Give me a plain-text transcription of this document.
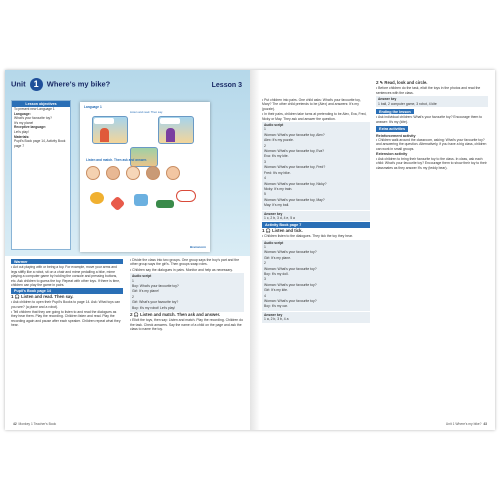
Unit 1 Where's my bike?	Lesson 3
Lesson objectives
To present new Language 1
Language:
What's your favourite toy?
It's my plane!
Receptive language:
Let's play!
Materials:
Pupil's Book page 14, Activity Book page 7
Language 1
Listen and read. Then say.
Listen and match. Then ask and answer.
Brainstorm
Warmer

• Act out playing with or being a toy. For example, move your arms and legs stiffly like a robot, sit on a chair and mime pedalling a bike, mime playing a computer game by holding the console and pressing buttons, etc. Ask children to guess the toy. Repeat with other toys. If there is time, children can play the game in pairs.

Pupil's Book page 14
1 🎧 Listen and read. Then say.

• Ask children to open their Pupil's Books to page 14. Ask: What toys can you see? (a plane and a robot).

• Tell children that they are going to listen to and read the dialogues as they hear them. Play the recording. Children listen and read. Play the recording again and pause after each speaker. Children repeat what they hear.

• Divide the class into two groups. One group says the boy's part and the other group says the girl's. Then groups swap roles.

• Children say the dialogues in pairs. Monitor and help as necessary.

Audio script

1

Boy: What's your favourite toy?

Girl: It's my plane!

2

Girl: What's your favourite toy?

Boy: It's my robot! Let's play!

2 🎧 Listen and match. Then ask and answer.

• Elicit the toys, then say: Listen and match. Play the recording. Children do the task. Check answers. Say the name of a child on the page and ask the class to name the toy.

42 Monkey 1 Teacher's Book

• Put children into pairs. One child asks: What's your favourite toy, Mary? The other child pretends to be (Alex) and answers: It's my (puzzle).

• In their pairs, children take turns at pretending to be Alex, Eva, Fred, Nicky or May. They ask and answer the question.

Audio script

1

Woman: What's your favourite toy, Alex?

Alex: It's my puzzle.

2

Woman: What's your favourite toy, Eva?

Eva: It's my kite.

3

Woman: What's your favourite toy, Fred?

Fred: It's my bike.

4

Woman: What's your favourite toy, Nicky?

Nicky: It's my train.

5

Woman: What's your favourite toy, May?

May: It's my ball.

Answer key
1 c, 2 b, 3 d, 4 e, 5 a
Activity Book page 7
1 🎧 Listen and tick.

• Children listen to the dialogues. They tick the toy they hear.

Audio script

1

Woman: What's your favourite toy?

Girl: It's my plane.

2

Woman: What's your favourite toy?

Boy: It's my doll.

3

Woman: What's your favourite toy?

Girl: It's my kite.

4

Woman: What's your favourite toy?

Boy: It's my car.

Answer key
1 a, 2 b, 3 b, 4 a
2 ✎ Read, look and circle.

• Before children do the task, elicit the toys in the photos and read the sentences with the class.

Answer key
1 ball, 2 computer game, 3 robot, 4 kite
Ending the lesson

• Ask individual children: What's your favourite toy? Encourage them to answer: It's my (kite).

Extra activities
Reinforcement activity

• Children walk around the classroom, asking: What's your favourite toy? and answering the question. Alternatively, if you have a big class, children can work in small groups.

Extension activity

• Ask children to bring their favourite toy to the class. In class, ask each child: What's your favourite toy? Encourage them to show their toy to their classmates as they answer It's my (teddy bear).

Unit 1 Where's my bike? 43
